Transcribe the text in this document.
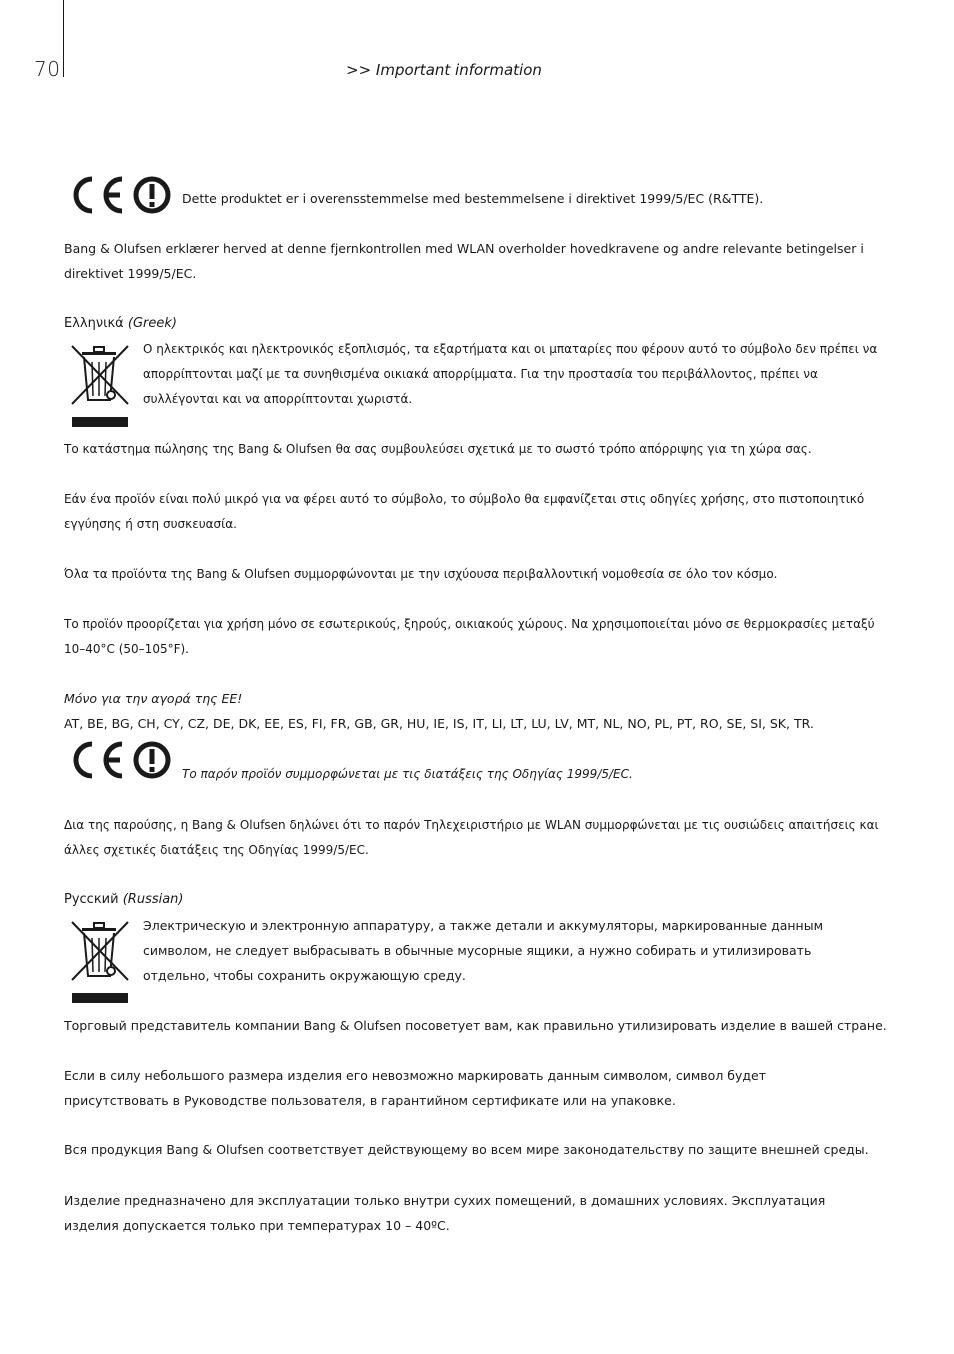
70	>> Important information
Dette produktet er i overensstemmelse med bestemmelsene i direktivet 1999/5/EC (R&TTE).
Bang & Olufsen erklærer herved at denne fjernkontrollen med WLAN overholder hovedkravene og andre relevante betingelser i direktivet 1999/5/EC.
Ελληνικά (Greek)
Ο ηλεκτρικός και ηλεκτρονικός εξοπλισμός, τα εξαρτήματα και οι μπαταρίες που φέρουν αυτό το σύμβολο δεν πρέπει να απορρίπτονται μαζί με τα συνηθισμένα οικιακά απορρίμματα. Για την προστασία του περιβάλλοντος, πρέπει να συλλέγονται και να απορρίπτονται χωριστά.
Το κατάστημα πώλησης της Bang & Olufsen θα σας συμβουλεύσει σχετικά με το σωστό τρόπο απόρριψης για τη χώρα σας.
Εάν ένα προϊόν είναι πολύ μικρό για να φέρει αυτό το σύμβολο, το σύμβολο θα εμφανίζεται στις οδηγίες χρήσης, στο πιστοποιητικό εγγύησης ή στη συσκευασία.
Όλα τα προϊόντα της Bang & Olufsen συμμορφώνονται με την ισχύουσα περιβαλλοντική νομοθεσία σε όλο τον κόσμο.
Το προϊόν προορίζεται για χρήση μόνο σε εσωτερικούς, ξηρούς, οικιακούς χώρους. Να χρησιμοποιείται μόνο σε θερμοκρασίες μεταξύ 10–40°C (50–105°F).
Μόνο για την αγορά της ΕΕ!
AT, BE, BG, CH, CY, CZ, DE, DK, EE, ES, FI, FR, GB, GR, HU, IE, IS, IT, LI, LT, LU, LV, MT, NL, NO, PL, PT, RO, SE, SI, SK, TR.
Το παρόν προϊόν συμμορφώνεται με τις διατάξεις της Οδηγίας 1999/5/EC.
Δια της παρούσης, η Bang & Olufsen δηλώνει ότι το παρόν Τηλεχειριστήριο με WLAN συμμορφώνεται με τις ουσιώδεις απαιτήσεις και άλλες σχετικές διατάξεις της Οδηγίας 1999/5/EC.
Русский (Russian)
Электрическую и электронную аппаратуру, а также детали и аккумуляторы, маркированные данным символом, не следует выбрасывать в обычные мусорные ящики, а нужно собирать и утилизировать отдельно, чтобы сохранить окружающую среду.
Торговый представитель компании Bang & Olufsen посоветует вам, как правильно утилизировать изделие в вашей стране.
Если в силу небольшого размера изделия его невозможно маркировать данным символом, символ будет присутствовать в Руководстве пользователя, в гарантийном сертификате или на упаковке.
Вся продукция Bang & Olufsen соответствует действующему во всем мире законодательству по защите внешней среды.
Изделие предназначено для эксплуатации только внутри сухих помещений, в домашних условиях. Эксплуатация изделия допускается только при температурах 10 – 40ºC.
